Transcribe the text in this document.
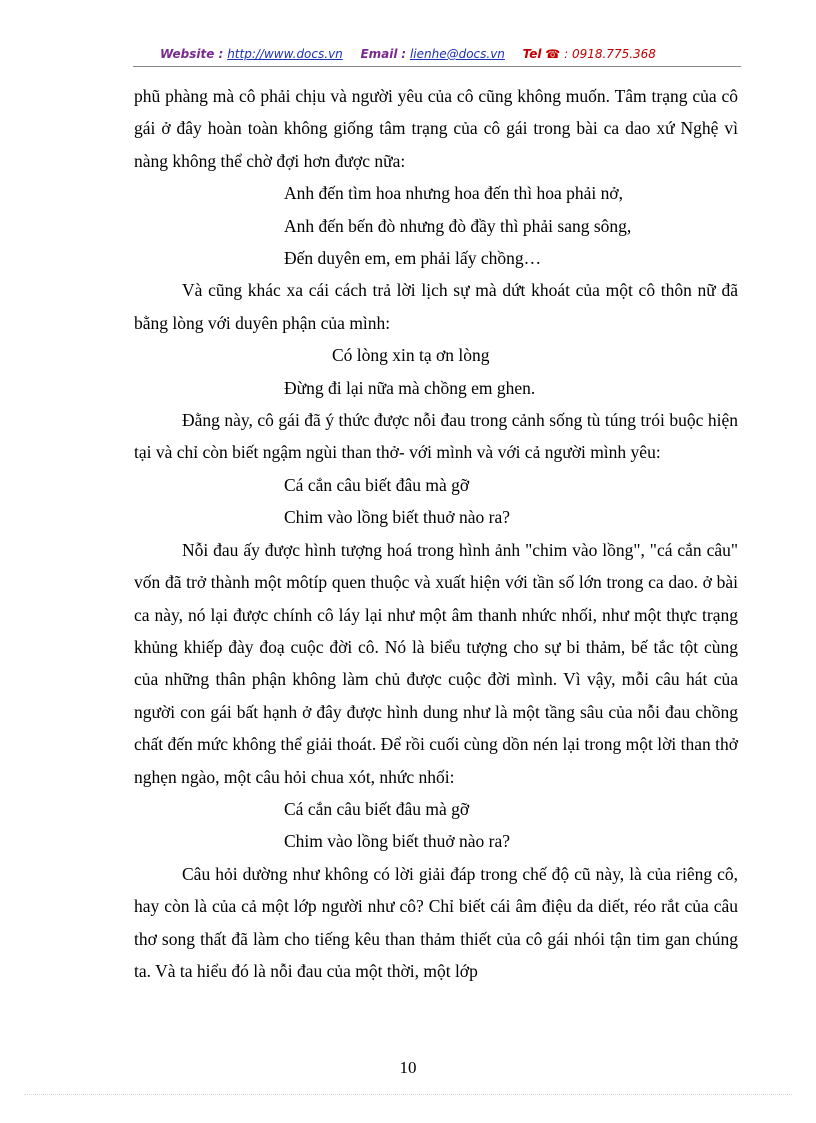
Website : http://www.docs.vn Email : lienhe@docs.vn Tel ☎ : 0918.775.368

phũ phàng mà cô phải chịu và người yêu của cô cũng không muốn. Tâm trạng của cô gái ở đây hoàn toàn không giống tâm trạng của cô gái trong bài ca dao xứ Nghệ vì nàng không thể chờ đợi hơn được nữa:

Anh đến tìm hoa nhưng hoa đến thì hoa phải nở,
Anh đến bến đò nhưng đò đầy thì phải sang sông,
Đến duyên em, em phải lấy chồng…

Và cũng khác xa cái cách trả lời lịch sự mà dứt khoát của một cô thôn nữ đã bằng lòng với duyên phận của mình:

Có lòng xin tạ ơn lòng
Đừng đi lại nữa mà chồng em ghen.

Đằng này, cô gái đã ý thức được nỗi đau trong cảnh sống tù túng trói buộc hiện tại và chỉ còn biết ngậm ngùi than thở- với mình và với cả người mình yêu:

Cá cắn câu biết đâu mà gỡ
Chim vào lồng biết thuở nào ra?

Nỗi đau ấy được hình tượng hoá trong hình ảnh "chim vào lồng", "cá cắn câu" vốn đã trở thành một môtíp quen thuộc và xuất hiện với tần số lớn trong ca dao. ở bài ca này, nó lại được chính cô láy lại như một âm thanh nhức nhối, như một thực trạng khủng khiếp đày đoạ cuộc đời cô. Nó là biểu tượng cho sự bi thảm, bế tắc tột cùng của những thân phận không làm chủ được cuộc đời mình. Vì vậy, mỗi câu hát của người con gái bất hạnh ở đây được hình dung như là một tầng sâu của nỗi đau chồng chất đến mức không thể giải thoát. Để rồi cuối cùng dồn nén lại trong một lời than thở nghẹn ngào, một câu hỏi chua xót, nhức nhối:

Cá cắn câu biết đâu mà gỡ
Chim vào lồng biết thuở nào ra?

Câu hỏi dường như không có lời giải đáp trong chế độ cũ này, là của riêng cô, hay còn là của cả một lớp người như cô? Chỉ biết cái âm điệu da diết, réo rắt của câu thơ song thất đã làm cho tiếng kêu than thảm thiết của cô gái nhói tận tim gan chúng ta. Và ta hiểu đó là nỗi đau của một thời, một lớp

10
